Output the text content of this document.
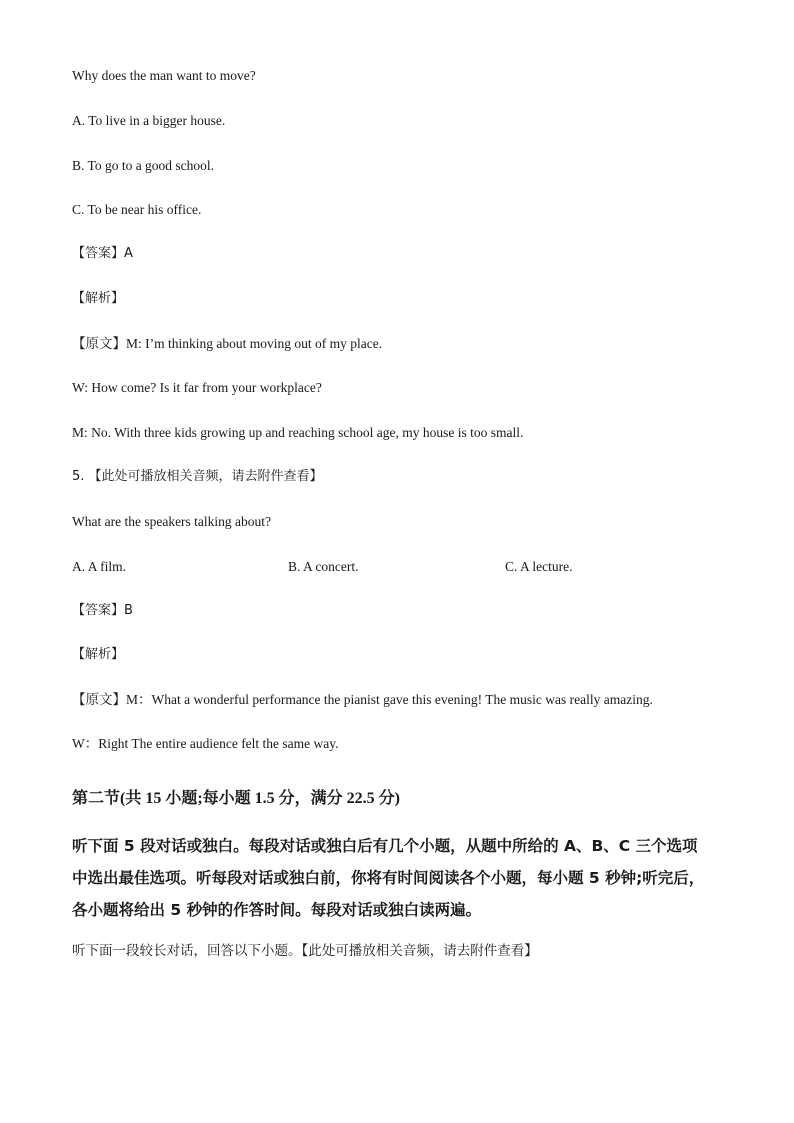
Why does the man want to move?

A. To live in a bigger house.

B. To go to a good school.

C. To be near his office.

【答案】A

【解析】

【原文】M: I’m thinking about moving out of my place.

W: How come? Is it far from your workplace?

M: No. With three kids growing up and reaching school age, my house is too small.

5. 【此处可播放相关音频，请去附件查看】

What are the speakers talking about?

A. A film.	B. A concert.	C. A lecture.

【答案】B

【解析】

【原文】M：What a wonderful performance the pianist gave this evening! The music was really amazing.

W：Right The entire audience felt the same way.

第二节(共 15 小题;每小题 1.5 分，满分 22.5 分)
听下面 5 段对话或独白。每段对话或独白后有几个小题，从题中所给的 A、B、C 三个选项
中选出最佳选项。听每段对话或独白前，你将有时间阅读各个小题，每小题 5 秒钟;听完后，
各小题将给出 5 秒钟的作答时间。每段对话或独白读两遍。
听下面一段较长对话，回答以下小题。【此处可播放相关音频，请去附件查看】
